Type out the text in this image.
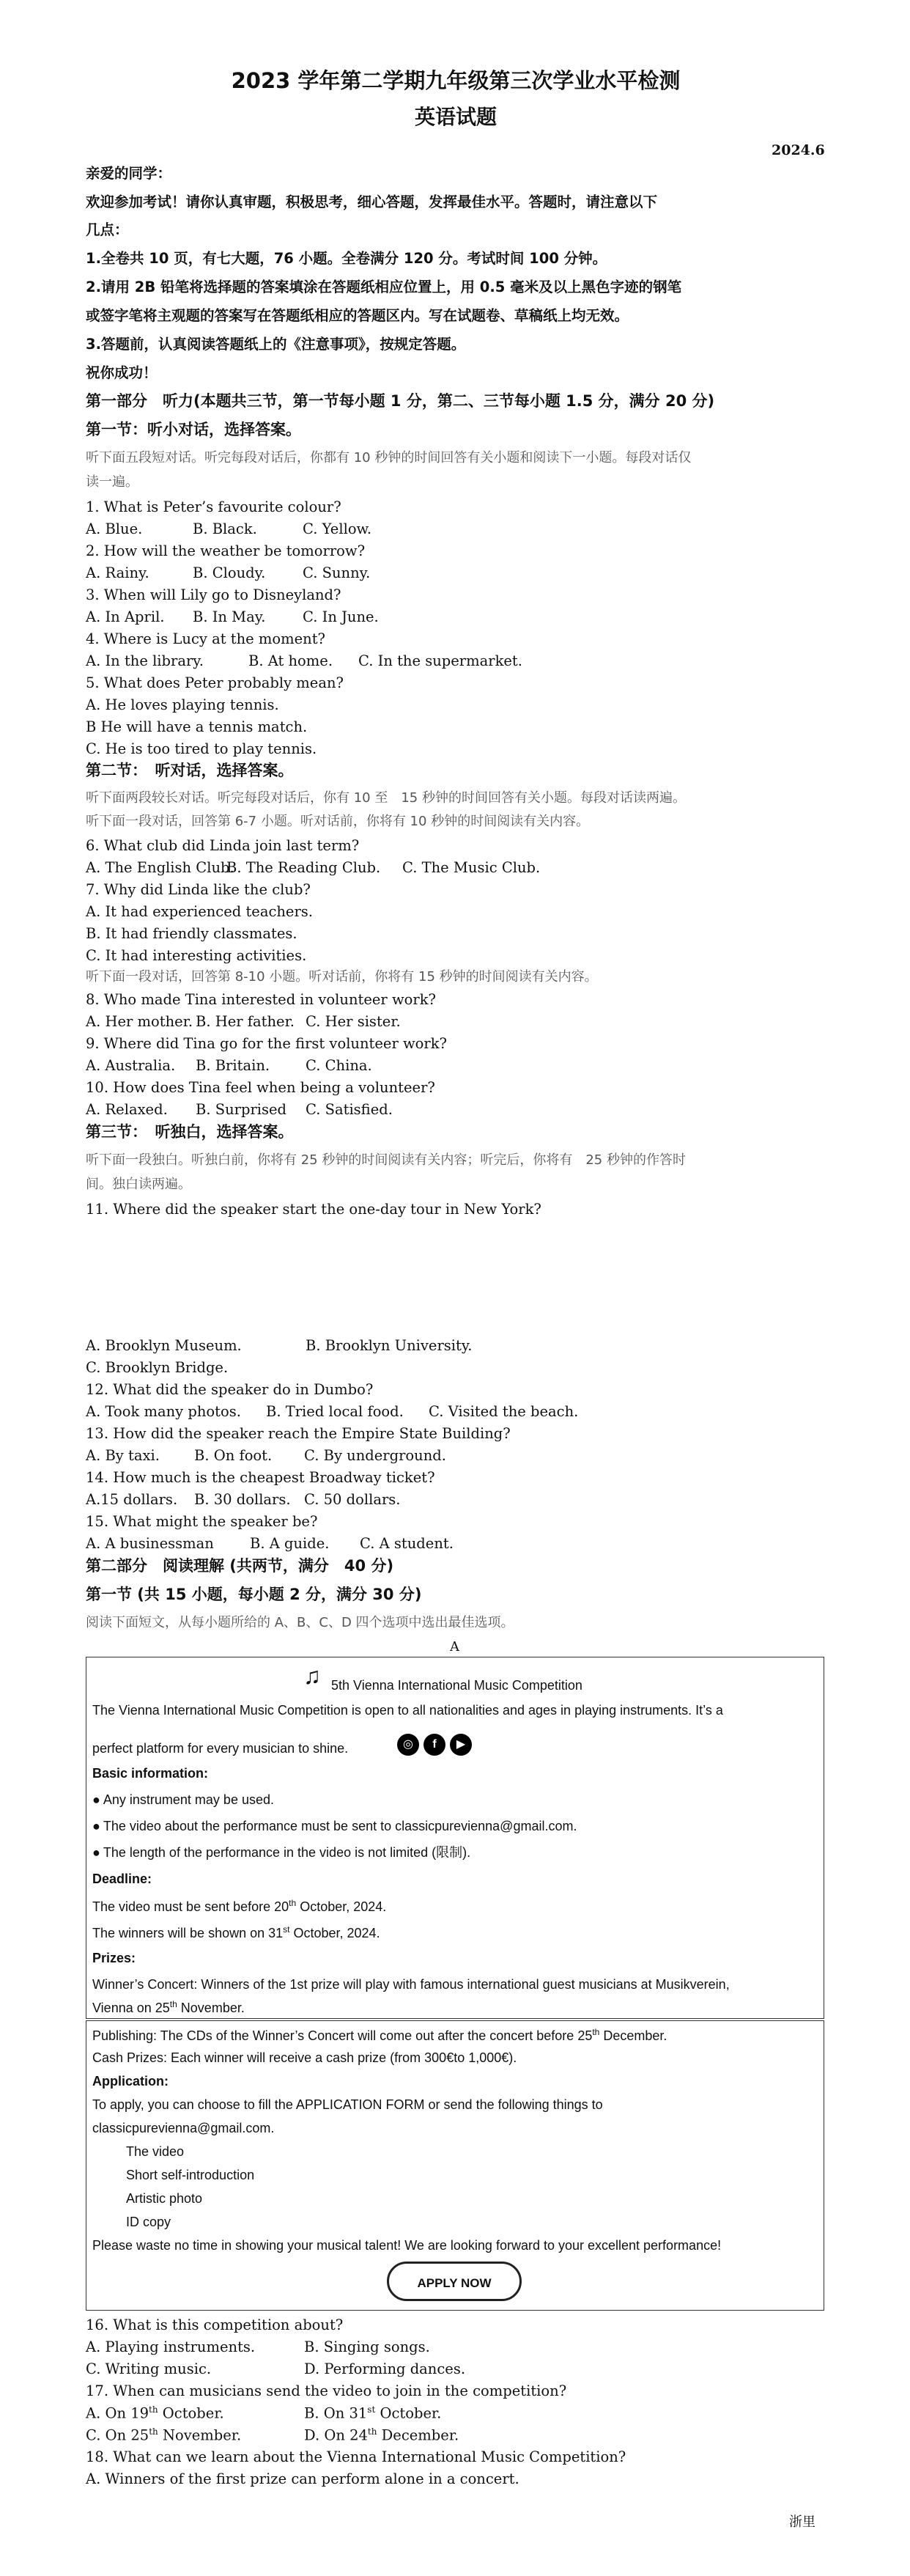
2023 学年第二学期九年级第三次学业水平检测
英语试题
2024.6
亲爱的同学：
欢迎参加考试！请你认真审题，积极思考，细心答题，发挥最佳水平。答题时，请注意以下
几点：
1.全卷共 10 页，有七大题，76 小题。全卷满分 120 分。考试时间 100 分钟。
2.请用 2B 铅笔将选择题的答案填涂在答题纸相应位置上，用 0.5 毫米及以上黑色字迹的钢笔
或签字笔将主观题的答案写在答题纸相应的答题区内。写在试题卷、草稿纸上均无效。
3.答题前，认真阅读答题纸上的《注意事项》，按规定答题。
祝你成功！
第一部分　听力(本题共三节，第一节每小题 1 分，第二、三节每小题 1.5 分，满分 20 分)
第一节：听小对话，选择答案。
听下面五段短对话。听完每段对话后，你都有 10 秒钟的时间回答有关小题和阅读下一小题。每段对话仅
读一遍。
1. What is Peter’s favourite colour?
A. Blue.	B. Black.	C. Yellow.
2. How will the weather be tomorrow?
A. Rainy.	B. Cloudy.	C. Sunny.
3. When will Lily go to Disneyland?
A. In April. B. In May.	C. In June.
4. Where is Lucy at the moment?
A. In the library.	B. At home. C. In the supermarket.
5. What does Peter probably mean?
A. He loves playing tennis.
B He will have a tennis match.
C. He is too tired to play tennis.
第二节：　听对话，选择答案。
听下面两段较长对话。听完每段对话后，你有 10 至　15 秒钟的时间回答有关小题。每段对话读两遍。
听下面一段对话，回答第 6-7 小题。听对话前，你将有 10 秒钟的时间阅读有关内容。
6. What club did Linda join last term?
A. The English Club.B. The Reading Club. C. The Music Club.
7. Why did Linda like the club?
A. It had experienced teachers.
B. It had friendly classmates.
C. It had interesting activities.
听下面一段对话，回答第 8-10 小题。听对话前，你将有 15 秒钟的时间阅读有关内容。
8. Who made Tina interested in volunteer work?
A. Her mother. B. Her father. C. Her sister.
9. Where did Tina go for the first volunteer work?
A. Australia. B. Britain.	C. China.
10. How does Tina feel when being a volunteer?
A. Relaxed. B. Surprised C. Satisfied.
第三节：　听独白，选择答案。
听下面一段独白。听独白前，你将有 25 秒钟的时间阅读有关内容；听完后，你将有　25 秒钟的作答时
间。独白读两遍。
11. Where did the speaker start the one-day tour in New York?
A. Brooklyn Museum.	B. Brooklyn University.
C. Brooklyn Bridge.
12. What did the speaker do in Dumbo?
A. Took many photos. B. Tried local food. C. Visited the beach.
13. How did the speaker reach the Empire State Building?
A. By taxi. B. On foot. C. By underground.
14. How much is the cheapest Broadway ticket?
A.15 dollars. B. 30 dollars. C. 50 dollars.
15. What might the speaker be?
A. A businessman	B. A guide. C. A student.
第二部分　阅读理解 (共两节，满分　40 分)
第一节 (共 15 小题，每小题 2 分，满分 30 分)
阅读下面短文，从每小题所给的 A、B、C、D 四个选项中选出最佳选项。
A
♫ 5th Vienna International Music Competition
The Vienna International Music Competition is open to all nationalities and ages in playing instruments. It’s a
perfect platform for every musician to shine.	◎ f ▶
Basic information:
● Any instrument may be used.
● The video about the performance must be sent to classicpurevienna@gmail.com.
● The length of the performance in the video is not limited (限制).
Deadline:
The video must be sent before 20th October, 2024.
The winners will be shown on 31st October, 2024.
Prizes:
Winner’s Concert: Winners of the 1st prize will play with famous international guest musicians at Musikverein,
Vienna on 25th November.
Publishing: The CDs of the Winner’s Concert will come out after the concert before 25th December.
Cash Prizes: Each winner will receive a cash prize (from 300€to 1,000€).
Application:
To apply, you can choose to fill the APPLICATION FORM or send the following things to
classicpurevienna@gmail.com.
The video
Short self-introduction
Artistic photo
ID copy
Please waste no time in showing your musical talent! We are looking forward to your excellent performance!
APPLY NOW
16. What is this competition about?
A. Playing instruments.	B. Singing songs.
C. Writing music.	D. Performing dances.
17. When can musicians send the video to join in the competition?
A. On 19th October.	B. On 31st October.
C. On 25th November.	D. On 24th December.
18. What can we learn about the Vienna International Music Competition?
A. Winners of the first prize can perform alone in a concert.
浙里
